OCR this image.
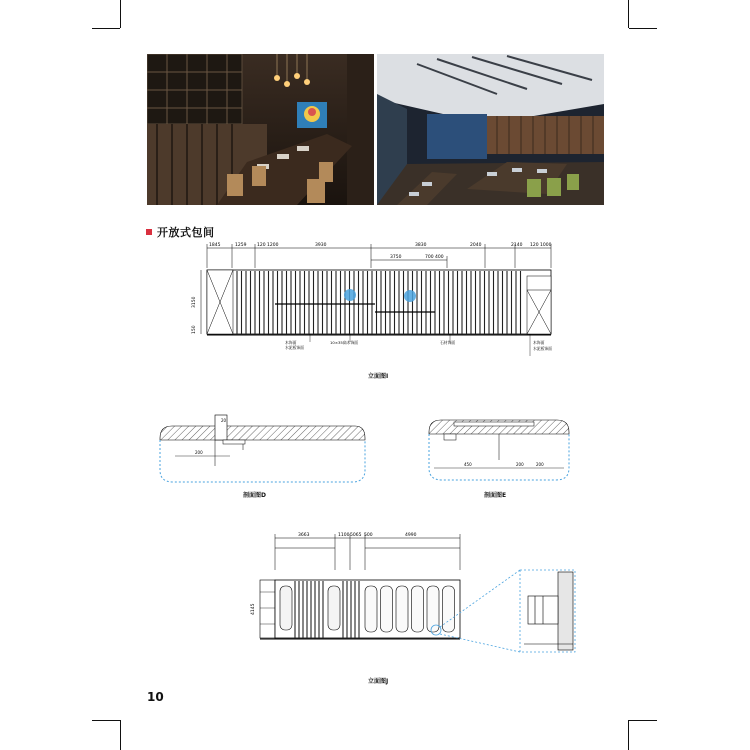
开放式包间
1845	1259 120 1200	3930	3830	2040	2140 120 1000
3750	700 400
3150
150
木饰面
水泥板饰面
10×35扁木饰面	石材饰面	木饰面
水泥板饰面
立面图I
20
200
剖面图D
450	200	200
剖面图E
3663	1100 5065 500	4990
4145
立面图J
10
